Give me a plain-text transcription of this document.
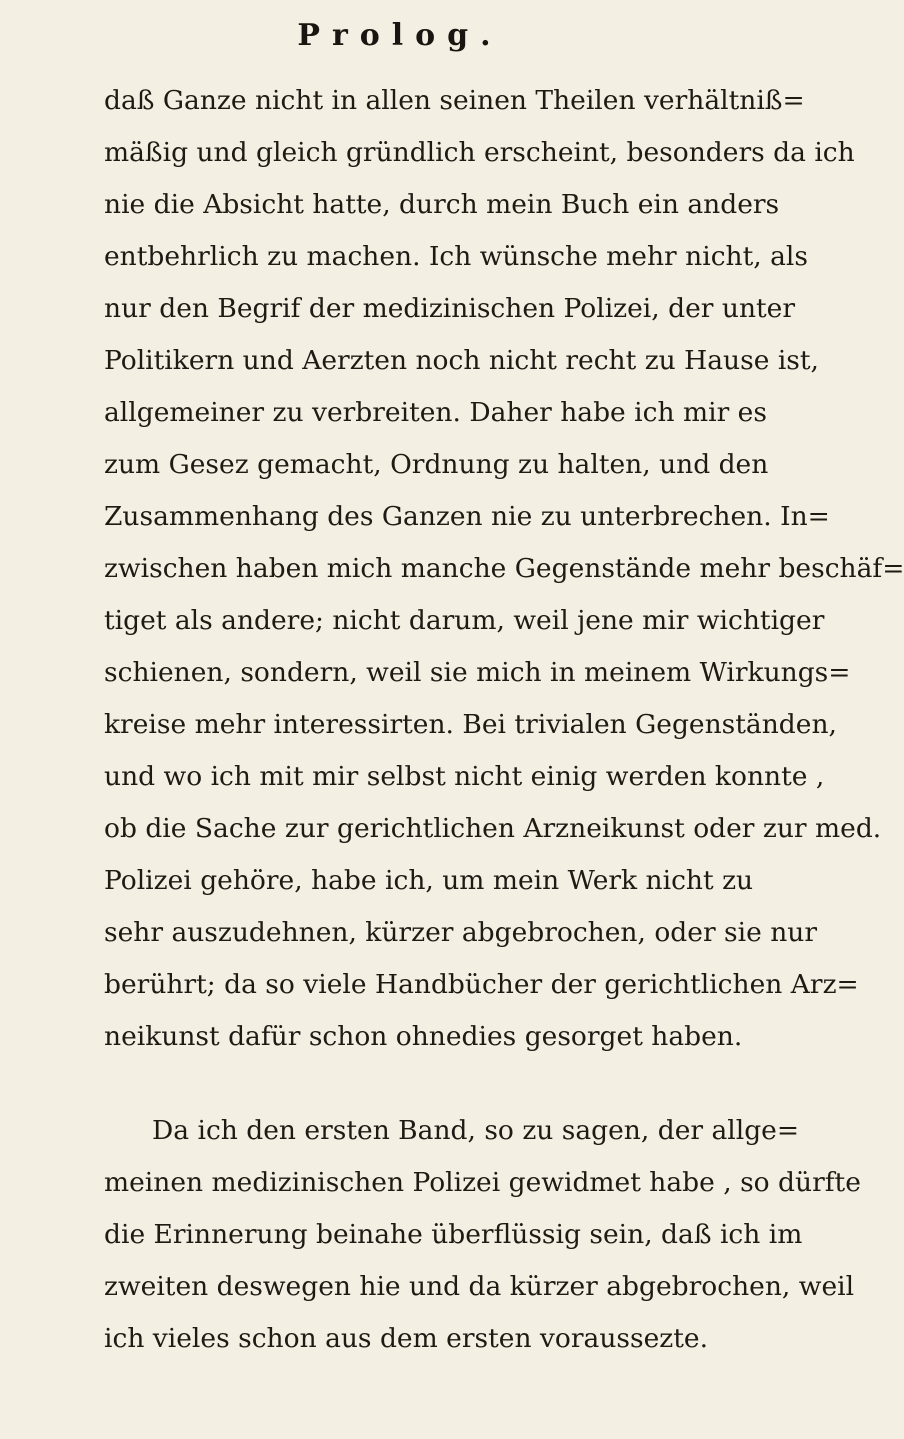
Prolog.
daß Ganze nicht in allen seinen Theilen verhältniß=
mäßig und gleich gründlich erscheint, besonders da ich
nie die Absicht hatte, durch mein Buch ein anders
entbehrlich zu machen. Ich wünsche mehr nicht, als
nur den Begrif der medizinischen Polizei, der unter
Politikern und Aerzten noch nicht recht zu Hause ist,
allgemeiner zu verbreiten. Daher habe ich mir es
zum Gesez gemacht, Ordnung zu halten, und den
Zusammenhang des Ganzen nie zu unterbrechen. In=
zwischen haben mich manche Gegenstände mehr beschäf=
tiget als andere; nicht darum, weil jene mir wichtiger
schienen, sondern, weil sie mich in meinem Wirkungs=
kreise mehr interessirten. Bei trivialen Gegenständen,
und wo ich mit mir selbst nicht einig werden konnte ,
ob die Sache zur gerichtlichen Arzneikunst oder zur med.
Polizei gehöre, habe ich, um mein Werk nicht zu
sehr auszudehnen, kürzer abgebrochen, oder sie nur
berührt; da so viele Handbücher der gerichtlichen Arz=
neikunst dafür schon ohnedies gesorget haben.
Da ich den ersten Band, so zu sagen, der allge=
meinen medizinischen Polizei gewidmet habe , so dürfte
die Erinnerung beinahe überflüssig sein, daß ich im
zweiten deswegen hie und da kürzer abgebrochen, weil
ich vieles schon aus dem ersten voraussezte.
